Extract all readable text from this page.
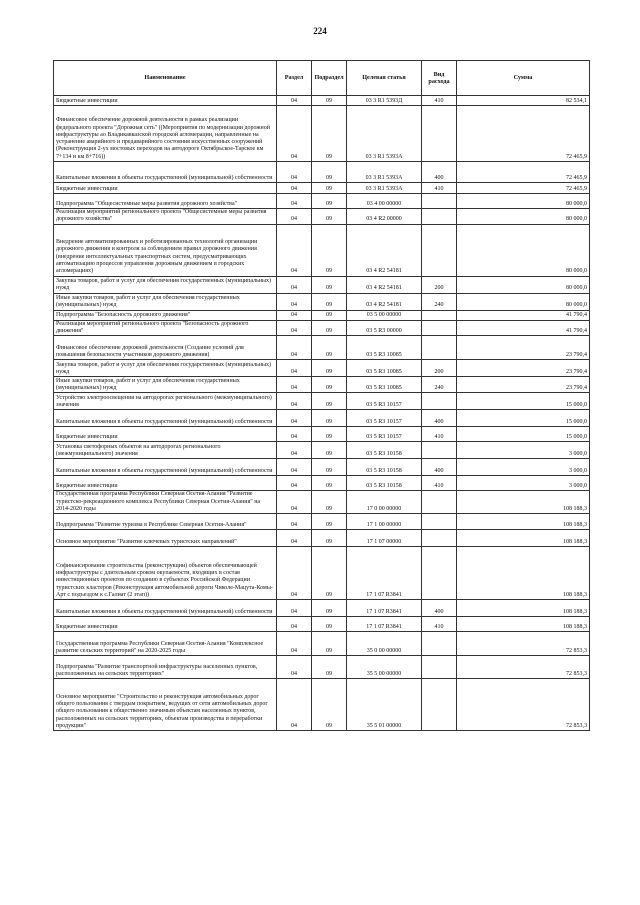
224
Наименование	Раздел	Подраздел	Целевая статья	Вид расхода	Сумма
Бюджетные инвестиции	04	09	03 3 R1 5393Д	410	82 534,1
Финансовое обеспечение дорожной деятельности в рамках реализации федерального проекта "Дорожная сеть" ((Мероприятия по модернизации дорожной инфраструктуры ао Владикавказской городской агломерации, направленные на устранение аварийного и предаварийного состояния искусственных сооружений (Реконструкция 2-ух мостовых переходов на автодороге Октябрьское-Тарское км 7+134 и км 8+716))	04	09	03 3 R1 5393A		72 465,9
Капитальные вложения в объекты государственной (муниципальной) собственности	04	09	03 3 R1 5393A	400	72 465,9
Бюджетные инвестиции	04	09	03 3 R1 5393A	410	72 465,9
Подпрограмма "Общесистемные меры развития дорожного хозяйства"	04	09	03 4 00 00000		80 000,0
Реализация мероприятий регионального проекта "Общесистемные меры развития дорожного хозяйства"	04	09	03 4 R2 00000		80 000,0
Внедрение автоматизированных и роботизированных технологий организации дорожного движения и контроля за соблюдением правил дорожного движения (внедрение интеллектуальных транспортных систем, предусматривающих автоматизацию процессов управления дорожным движением в городских агломерациях)	04	09	03 4 R2 54181		80 000,0
Закупка товаров, работ и услуг для обеспечения государственных (муниципальных) нужд	04	09	03 4 R2 54181	200	80 000,0
Иные закупки товаров, работ и услуг для обеспечения государственных (муниципальных) нужд	04	09	03 4 R2 54181	240	80 000,0
Подпрограмма "Безопасность дорожного движения"	04	09	03 5 00 00000		41 790,4
Реализация мероприятий регионального проекта "Безопасность дорожного движения"	04	09	03 5 R3 00000		41 790,4
Финансовое обеспечение дорожной деятельности (Создание условий для повышения безопасности участников дорожного движения)	04	09	03 5 R3 10085		23 790,4
Закупка товаров, работ и услуг для обеспечения государственных (муниципальных) нужд	04	09	03 5 R3 10085	200	23 790,4
Иные закупки товаров, работ и услуг для обеспечения государственных (муниципальных) нужд	04	09	03 5 R3 10085	240	23 790,4
Устройство электроосвещения на автодорогах регионального (межмуниципального) значения	04	09	03 5 R3 10157		15 000,0
Капитальные вложения в объекты государственной (муниципальной) собственности	04	09	03 5 R3 10157	400	15 000,0
Бюджетные инвестиции	04	09	03 5 R3 10157	410	15 000,0
Установка светофорных объектов на автодорогах регионального (межмуниципального) значения	04	09	03 5 R3 10158		3 000,0
Капитальные вложения в объекты государственной (муниципальной) собственности	04	09	03 5 R3 10158	400	3 000,0
Бюджетные инвестиции	04	09	03 5 R3 10158	410	3 000,0
Государственная программа Республики Северная Осетия-Алания "Развитие туристско-рекреационного комплекса Республики Северная Осетия-Алания" на 2014-2020 годы	04	09	17 0 00 00000		108 188,3
Подпрограмма "Развитие туризма в Республике Северная Осетия-Алания"	04	09	17 1 00 00000		108 188,3
Основное мероприятие "Развитие ключевых туристских направлений"	04	09	17 1 07 00000		108 188,3
Софинансирование строительства (реконструкции) объектов обеспечивающей инфраструктуры с длительным сроком окупаемости, входящих в состав инвестиционных проектов по созданию в субъектах Российской Федерации туристских кластеров (Реконструкция автомобильной дороги Чиколе-Мацута-Комы-Арт с подъездом к с.Галиат (2 этап))	04	09	17 1 07 R3841		108 188,3
Капитальные вложения в объекты государственной (муниципальной) собственности	04	09	17 1 07 R3841	400	108 188,3
Бюджетные инвестиции	04	09	17 1 07 R3841	410	108 188,3
Государственная программа Республики Северная Осетия-Алания "Комплексное развитие сельских территорий" на 2020-2025 годы	04	09	35 0 00 00000		72 853,3
Подпрограмма "Развитие транспортной инфраструктуры населенных пунктов, расположенных на сельских территориях"	04	09	35 5 00 00000		72 853,3
Основное мероприятие "Строительство и реконструкция автомобильных дорог общего пользования с твердым покрытием, ведущих от сети автомобильных дорог общего пользования к общественно значимым объектам населенных пунктов, расположенных на сельских территориях, объектам производства и переработки продукции"	04	09	35 5 01 00000		72 853,3
